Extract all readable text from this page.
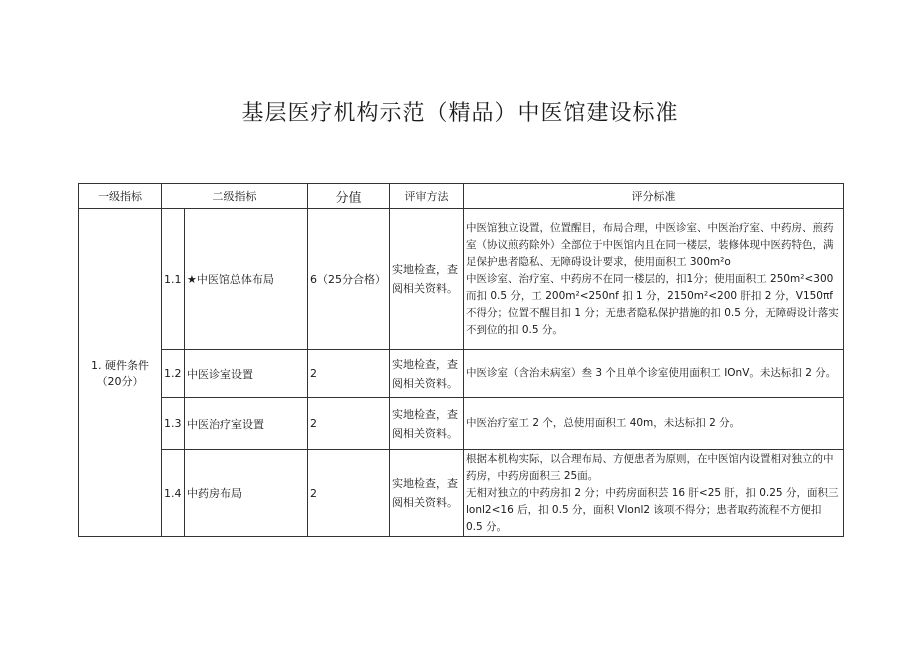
基层医疗机构示范（精品）中医馆建设标准
一级指标	二级指标		分值	评审方法	评分标准
1. 硬件条件（20分）	1.1	★中医馆总体布局	6（25分合格）	实地检查，查阅相关资料。	中医馆独立设置，位置醒目，布局合理，中医诊室、中医治疗室、中药房、煎药室（协议煎药除外）全部位于中医馆内且在同一楼层，装修体现中医药特色，满足保护患者隐私、无障碍设计要求，使用面积工 300m²o
中医诊室、治疗室、中药房不在同一楼层的，扣1分；使用面积工 250m²<300而扣 0.5 分，工 200m²<250nf 扣 1 分，2150m²<200 肝扣 2 分，V150πf 不得分；位置不醒目扣 1 分；无患者隐私保护措施的扣 0.5 分，无障碍设计落实不到位的扣 0.5 分。

	1.2	中医诊室设置	2	实地检查，查阅相关资料。	中医诊室（含治未病室）叁 3 个且单个诊室使用面积工 IOnV。未达标扣 2 分。

	1.3	中医治疗室设置	2	实地检查，查阅相关资料。	中医治疗室工 2 个，总使用面积工 40m，未达标扣 2 分。

	1.4	中药房布局	2	实地检查，查阅相关资料。	根据本机构实际，以合理布局、方便患者为原则，在中医馆内设置相对独立的中药房，中药房面积三 25面。
无相对独立的中药房扣 2 分；中药房面积芸 16 肝<25 肝，扣 0.25 分，面积三 lonl2<16 后，扣 0.5 分，面积 Vlonl2 该项不得分；患者取药流程不方便扣 0.5 分。
